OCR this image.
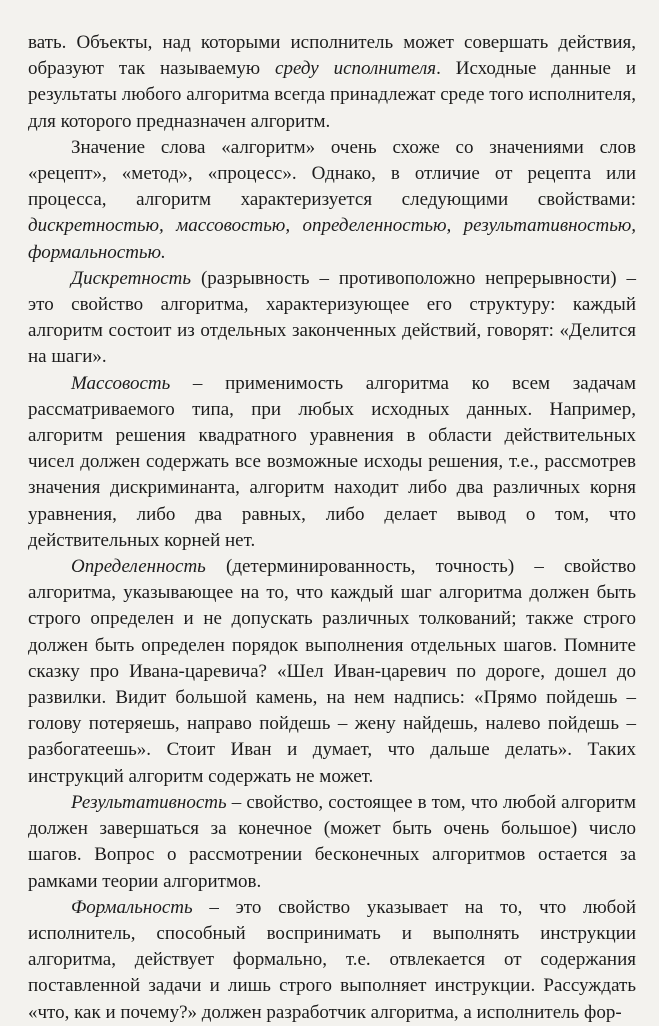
вать. Объекты, над которыми исполнитель может совершать действия, образуют так называемую среду исполнителя. Исходные данные и результаты любого алгоритма всегда принадлежат среде того исполнителя, для которого предназначен алгоритм.

Значение слова «алгоритм» очень схоже со значениями слов «рецепт», «метод», «процесс». Однако, в отличие от рецепта или процесса, алгоритм характеризуется следующими свойствами: дискретностью, массовостью, определенностью, результативностью, формальностью.

Дискретность (разрывность – противоположно непрерывности) – это свойство алгоритма, характеризующее его структуру: каждый алгоритм состоит из отдельных законченных действий, говорят: «Делится на шаги».

Массовость – применимость алгоритма ко всем задачам рассматриваемого типа, при любых исходных данных. Например, алгоритм решения квадратного уравнения в области действительных чисел должен содержать все возможные исходы решения, т.е., рассмотрев значения дискриминанта, алгоритм находит либо два различных корня уравнения, либо два равных, либо делает вывод о том, что действительных корней нет.

Определенность (детерминированность, точность) – свойство алгоритма, указывающее на то, что каждый шаг алгоритма должен быть строго определен и не допускать различных толкований; также строго должен быть определен порядок выполнения отдельных шагов. Помните сказку про Ивана-царевича? «Шел Иван-царевич по дороге, дошел до развилки. Видит большой камень, на нем надпись: «Прямо пойдешь – голову потеряешь, направо пойдешь – жену найдешь, налево пойдешь – разбогатеешь». Стоит Иван и думает, что дальше делать». Таких инструкций алгоритм содержать не может.

Результативность – свойство, состоящее в том, что любой алгоритм должен завершаться за конечное (может быть очень большое) число шагов. Вопрос о рассмотрении бесконечных алгоритмов остается за рамками теории алгоритмов.

Формальность – это свойство указывает на то, что любой исполнитель, способный воспринимать и выполнять инструкции алгоритма, действует формально, т.е. отвлекается от содержания поставленной задачи и лишь строго выполняет инструкции. Рассуждать «что, как и почему?» должен разработчик алгоритма, а исполнитель фор-
